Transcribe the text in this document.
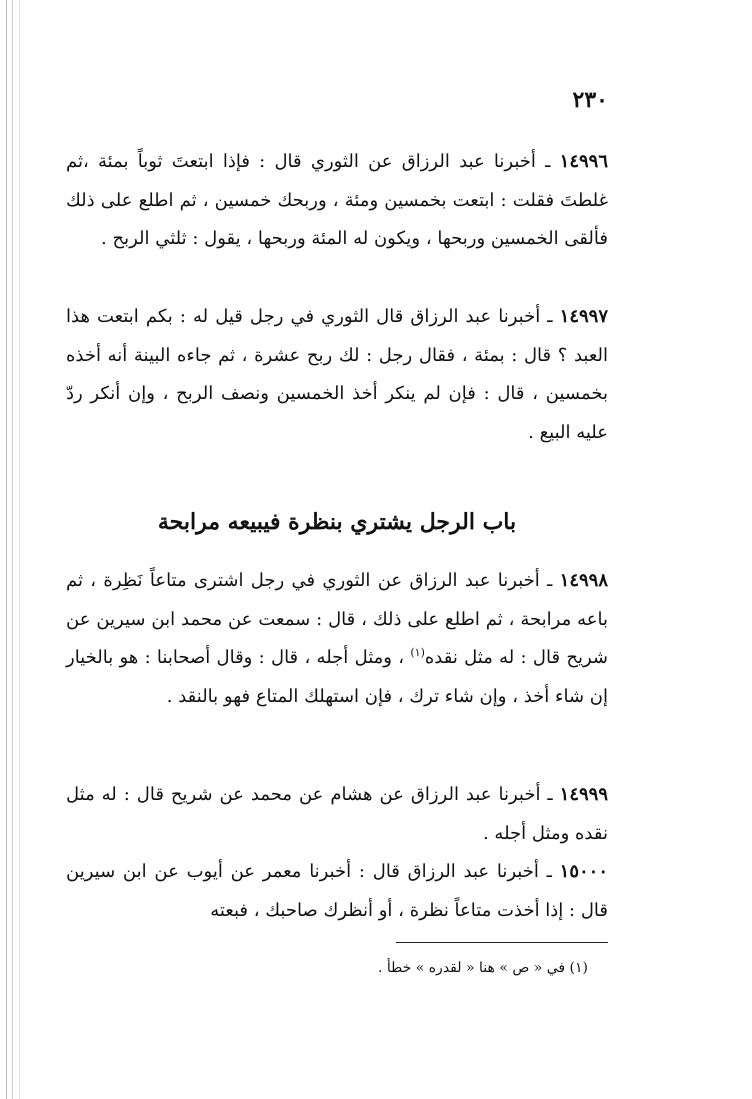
٢٣٠

١٤٩٩٦ ـ أخبرنا عبد الرزاق عن الثوري قال : فإذا ابتعتَ ثوباً بمئة ،ثم غلطتَ فقلت : ابتعت بخمسين ومئة ، وربحك خمسين ، ثم اطلع على ذلك فألقى الخمسين وربحها ، ويكون له المئة وربحها ، يقول : ثلثي الربح .

١٤٩٩٧ ـ أخبرنا عبد الرزاق قال الثوري في رجل قيل له : بكم ابتعت هذا العبد ؟ قال : بمئة ، فقال رجل : لك ربح عشرة ، ثم جاءه البينة أنه أخذه بخمسين ، قال : فإن لم ينكر أخذ الخمسين ونصف الربح ، وإن أنكر ردّ عليه البيع .

باب الرجل يشتري بنظرة فيبيعه مرابحة

١٤٩٩٨ ـ أخبرنا عبد الرزاق عن الثوري في رجل اشترى متاعاً نَظِرة ، ثم باعه مرابحة ، ثم اطلع على ذلك ، قال : سمعت عن محمد ابن سيرين عن شريح قال : له مثل نقده$^{(١)}$ ، ومثل أجله ، قال : وقال أصحابنا : هو بالخيار إن شاء أخذ ، وإن شاء ترك ، فإن استهلك المتاع فهو بالنقد .

١٤٩٩٩ ـ أخبرنا عبد الرزاق عن هشام عن محمد عن شريح قال : له مثل نقده ومثل أجله .

١٥٠٠٠ ـ أخبرنا عبد الرزاق قال : أخبرنا معمر عن أيوب عن ابن سيرين قال : إذا أخذت متاعاً نظرة ، أو أنظرك صاحبك ، فبعته

(١) في « ص » هنا « لقدره » خطأ .
